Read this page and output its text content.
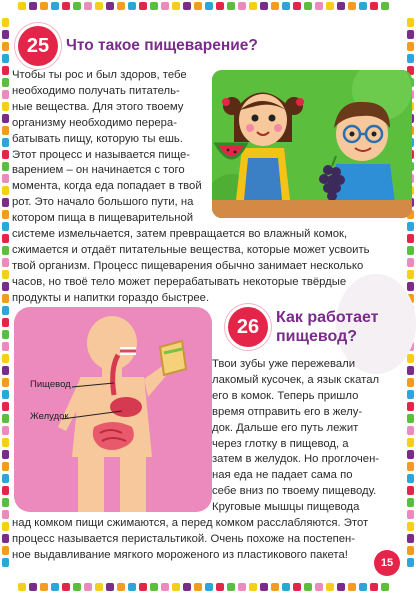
25	Что такое пищеварение?
Чтобы ты рос и был здоров, тебе
необходимо получать питатель-
ные вещества. Для этого твоему
организму необходимо перера-
батывать пищу, которую ты ешь.
Этот процесс и называется пище-
варением – он начинается с того
момента, когда еда попадает в твой
рот. Это начало большого пути, на
котором пища в пищеварительной
системе измельчается, затем превращается во влажный комок,
сжимается и отдаёт питательные вещества, которые может усвоить
твой организм. Процесс пищеварения обычно занимает несколько
часов, но твоё тело может перерабатывать некоторые твёрдые
продукты и напитки гораздо быстрее.
Пищевод
Желудок
26	Как работает
пищевод?
Твои зубы уже пережевали
лакомый кусочек, а язык скатал
его в комок. Теперь пришло
время отправить его в желу-
док. Дальше его путь лежит
через глотку в пищевод, а
затем в желудок. Но проглочен-
ная еда не падает сама по
себе вниз по твоему пищеводу.
Круговые мышцы пищевода
над комком пищи сжимаются, а перед комком расслабляются. Этот
процесс называется перистальтикой. Очень похоже на постепен-
ное выдавливание мягкого мороженого из пластикового пакета!
15
